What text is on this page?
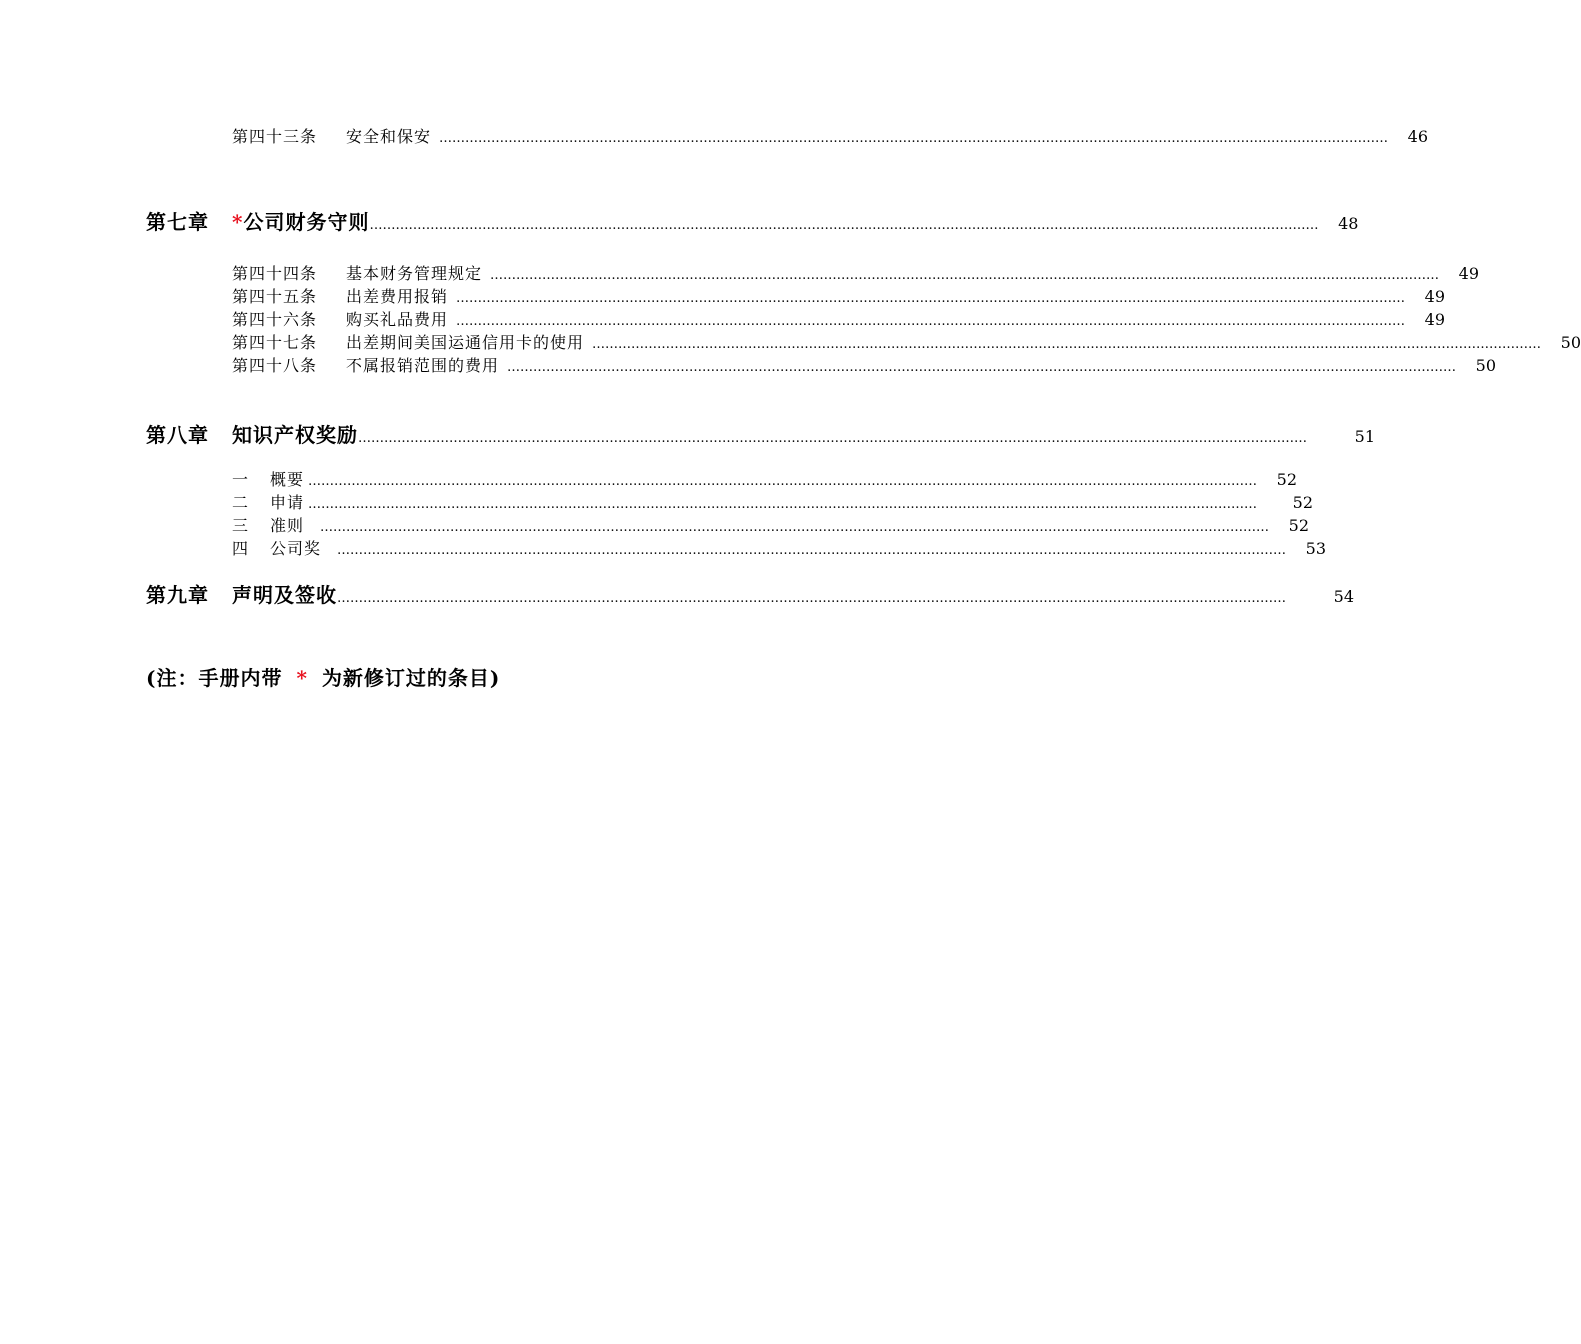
第四十三条	安全和保安 …………………………………………………………………………………………………………………………………………………………………………………………………	46
第七章	* 公司财务守则 …………………………………………………………………………………………………………………………………………………………………………………………………	48
第四十四条	基本财务管理规定 …………………………………………………………………………………………………………………………………………………………………………………………………	49
第四十五条	出差费用报销 …………………………………………………………………………………………………………………………………………………………………………………………………	49
第四十六条	购买礼品费用 …………………………………………………………………………………………………………………………………………………………………………………………………	49
第四十七条	出差期间美国运通信用卡的使用 …………………………………………………………………………………………………………………………………………………………………………………………………	50
第四十八条	不属报销范围的费用 …………………………………………………………………………………………………………………………………………………………………………………………………	50
第八章	知识产权奖励 …………………………………………………………………………………………………………………………………………………………………………………………………	51
一	概要 …………………………………………………………………………………………………………………………………………………………………………………………………	52
二	申请 …………………………………………………………………………………………………………………………………………………………………………………………………	52
三	准则	…………………………………………………………………………………………………………………………………………………………………………………………………	52
四	公司奖	…………………………………………………………………………………………………………………………………………………………………………………………………	53
第九章	声明及签收 …………………………………………………………………………………………………………………………………………………………………………………………………	54
(注：手册内带 * 为新修订过的条目)
